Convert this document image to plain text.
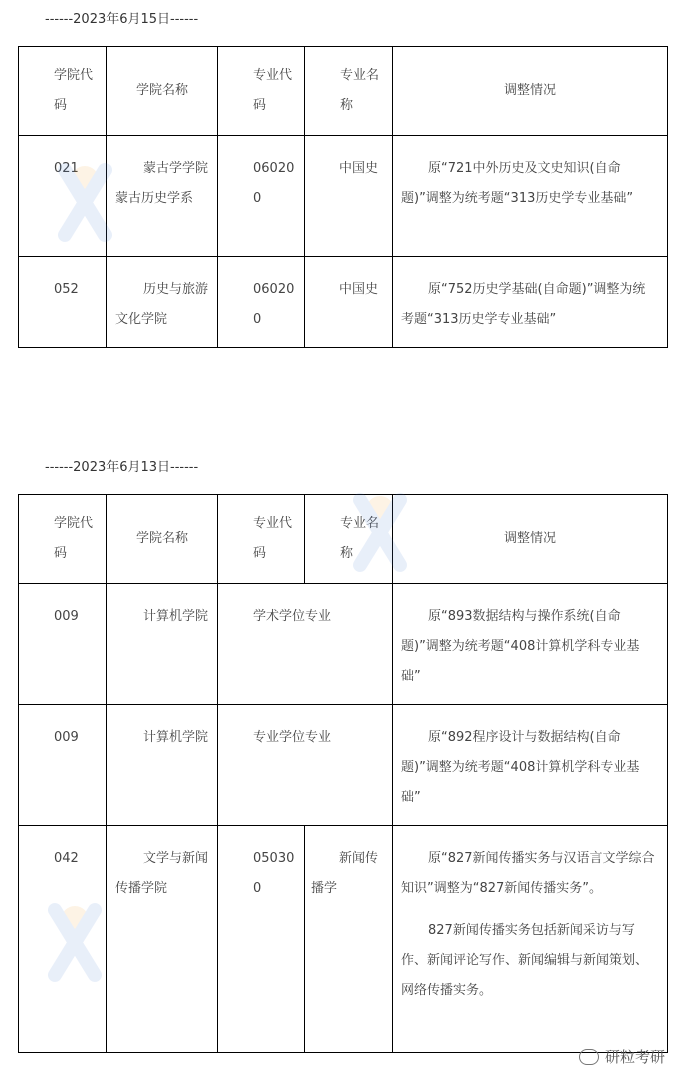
------2023年6月15日------
学院代码	学院名称	专业代码	专业名称	调整情况
021	蒙古学学院蒙古历史学系	060200	中国史	原“721中外历史及文史知识(自命题)”调整为统考题“313历史学专业基础”
052	历史与旅游文化学院	060200	中国史	原“752历史学基础(自命题)”调整为统考题“313历史学专业基础”
------2023年6月13日------
学院代码	学院名称	专业代码	专业名称	调整情况
009	计算机学院	学术学位专业		原“893数据结构与操作系统(自命题)”调整为统考题“408计算机学科专业基础”
009	计算机学院	专业学位专业		原“892程序设计与数据结构(自命题)”调整为统考题“408计算机学科专业基础”
042	文学与新闻传播学院	050300	新闻传播学	原“827新闻传播实务与汉语言文学综合知识”调整为“827新闻传播实务”。

827新闻传播实务包括新闻采访与写作、新闻评论写作、新闻编辑与新闻策划、网络传播实务。

研粒考研
